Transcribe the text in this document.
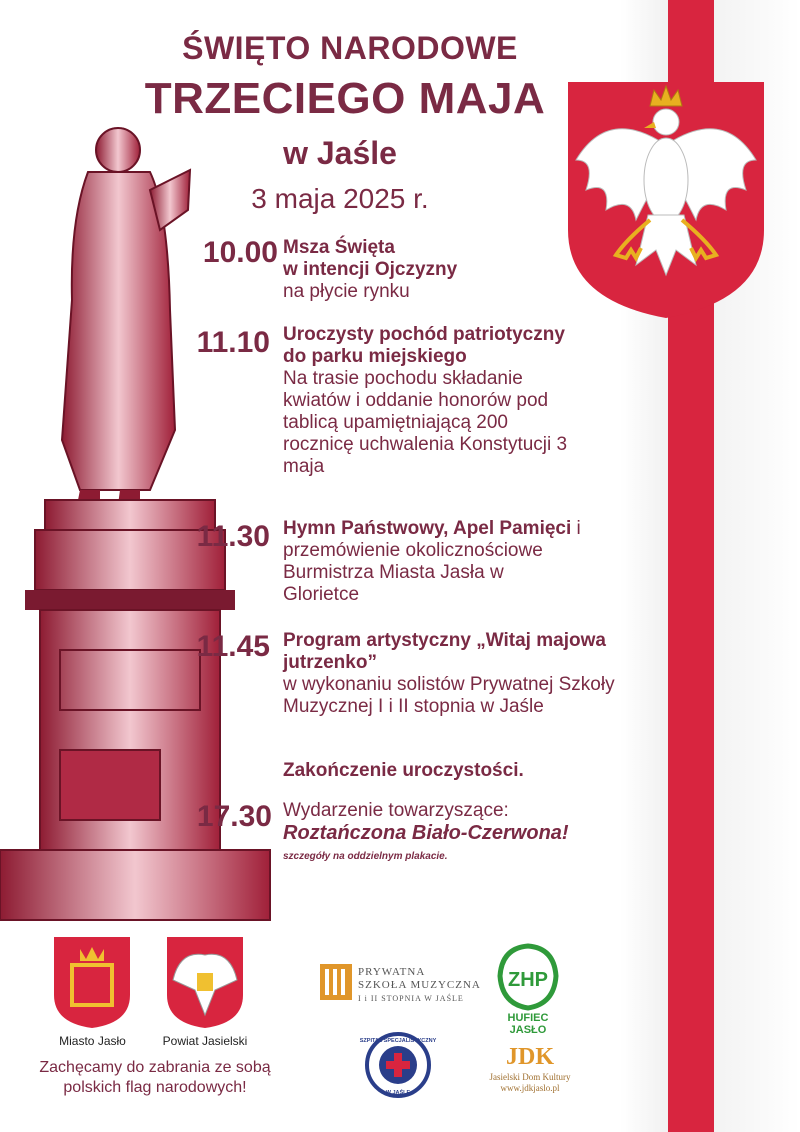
ŚWIĘTO NARODOWE
TRZECIEGO MAJA
w Jaśle
3 maja 2025 r.
10.00 Msza Święta
w intencji Ojczyzny
na płycie rynku
11.10 Uroczysty pochód patriotyczny do parku miejskiego
Na trasie pochodu składanie kwiatów i oddanie honorów pod tablicą upamiętniającą 200 rocznicę uchwalenia Konstytucji 3 maja
11.30 Hymn Państwowy, Apel Pamięci i przemówienie okolicznościowe Burmistrza Miasta Jasła w Glorietce
11.45 Program artystyczny „Witaj majowa jutrzenko”
w wykonaniu solistów Prywatnej Szkoły Muzycznej I i II stopnia w Jaśle
Zakończenie uroczystości.
17.30 Wydarzenie towarzyszące:
Roztańczona Biało-Czerwona!
szczegóły na oddzielnym plakacie.
Miasto Jasło	Powiat Jasielski
Zachęcamy do zabrania ze sobą polskich flag narodowych!
PRYWATNA
SZKOŁA MUZYCZNA
I i II STOPNIA W JAŚLE
ZHP
HUFIEC JASŁO
SZPITAL SPECJALISTYCZNY
W JAŚLE
JDK
Jasielski Dom Kultury
www.jdkjaslo.pl
